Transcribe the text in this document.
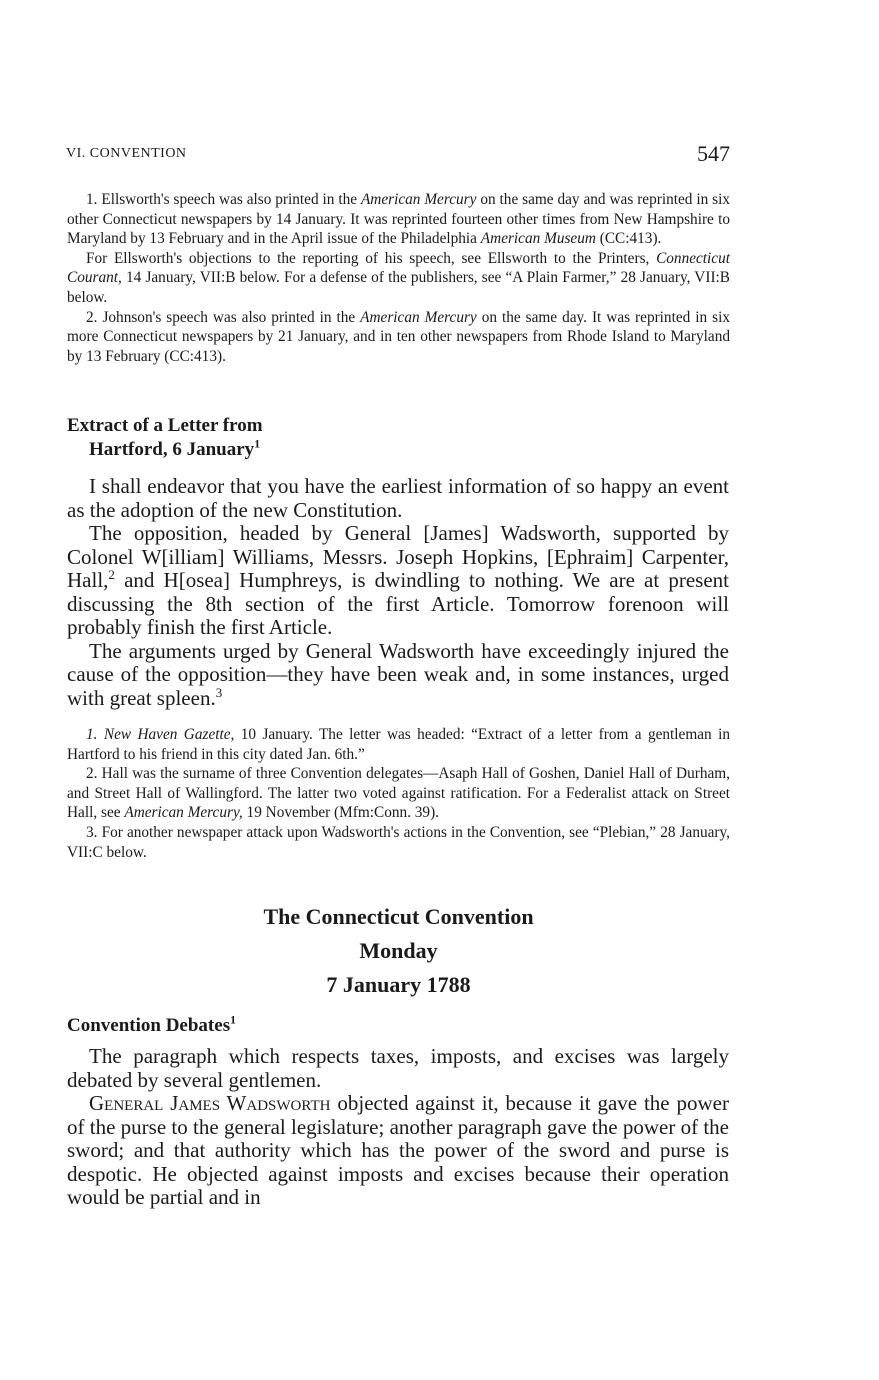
VI. CONVENTION	547

1. Ellsworth's speech was also printed in the American Mercury on the same day and was reprinted in six other Connecticut newspapers by 14 January. It was reprinted fourteen other times from New Hampshire to Maryland by 13 February and in the April issue of the Philadelphia American Museum (CC:413).

For Ellsworth's objections to the reporting of his speech, see Ellsworth to the Printers, Connecticut Courant, 14 January, VII:B below. For a defense of the publishers, see “A Plain Farmer,” 28 January, VII:B below.

2. Johnson's speech was also printed in the American Mercury on the same day. It was reprinted in six more Connecticut newspapers by 21 January, and in ten other newspapers from Rhode Island to Maryland by 13 February (CC:413).

Extract of a Letter from
Hartford, 6 January$^1$

I shall endeavor that you have the earliest information of so happy an event as the adoption of the new Constitution.

The opposition, headed by General [James] Wadsworth, supported by Colonel W[illiam] Williams, Messrs. Joseph Hopkins, [Ephraim] Carpenter, Hall,$^2$ and H[osea] Humphreys, is dwindling to nothing. We are at present discussing the 8th section of the first Article. Tomorrow forenoon will probably finish the first Article.

The arguments urged by General Wadsworth have exceedingly injured the cause of the opposition—they have been weak and, in some instances, urged with great spleen.$^3$

1. New Haven Gazette, 10 January. The letter was headed: “Extract of a letter from a gentleman in Hartford to his friend in this city dated Jan. 6th.”

2. Hall was the surname of three Convention delegates—Asaph Hall of Goshen, Daniel Hall of Durham, and Street Hall of Wallingford. The latter two voted against ratification. For a Federalist attack on Street Hall, see American Mercury, 19 November (Mfm:Conn. 39).

3. For another newspaper attack upon Wadsworth's actions in the Convention, see “Plebian,” 28 January, VII:C below.

The Connecticut Convention
Monday
7 January 1788
Convention Debates$^1$

The paragraph which respects taxes, imposts, and excises was largely debated by several gentlemen.

General James Wadsworth objected against it, because it gave the power of the purse to the general legislature; another paragraph gave the power of the sword; and that authority which has the power of the sword and purse is despotic. He objected against imposts and excises because their operation would be partial and in
